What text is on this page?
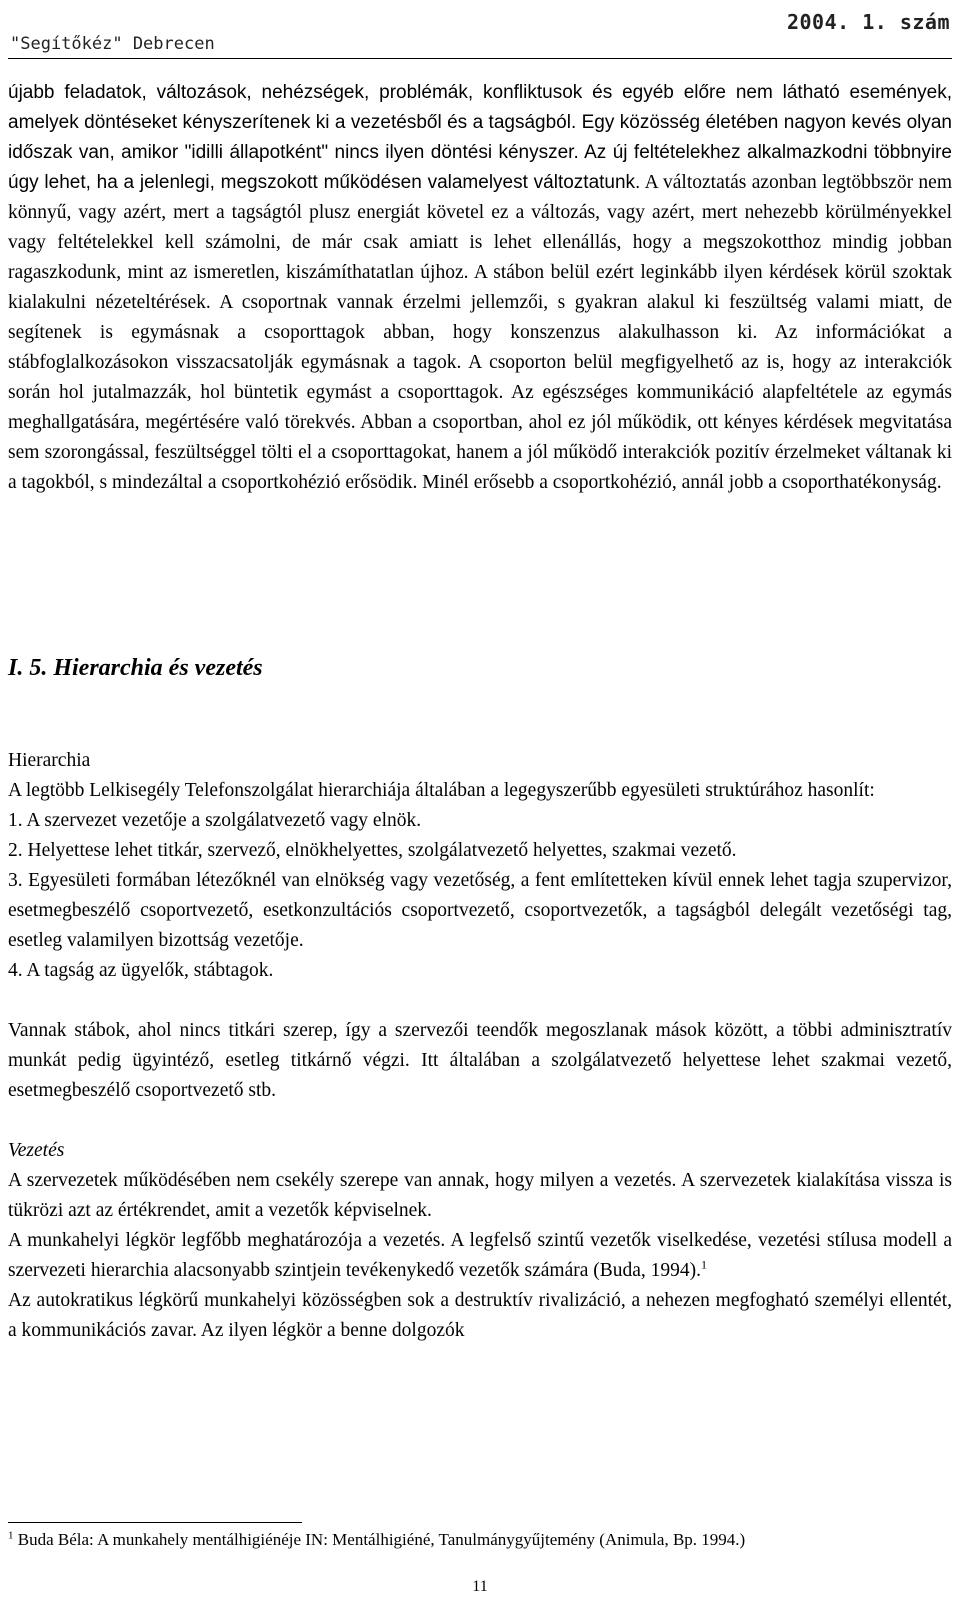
"Segítőkéz" Debrecen
2004. 1. szám

újabb feladatok, változások, nehézségek, problémák, konfliktusok és egyéb előre nem látható események, amelyek döntéseket kényszerítenek ki a vezetésből és a tagságból. Egy közösség életében nagyon kevés olyan időszak van, amikor "idilli állapotként" nincs ilyen döntési kényszer. Az új feltételekhez alkalmazkodni többnyire úgy lehet, ha a jelenlegi, megszokott működésen valamelyest változtatunk. A változtatás azonban legtöbbször nem könnyű, vagy azért, mert a tagságtól plusz energiát követel ez a változás, vagy azért, mert nehezebb körülményekkel vagy feltételekkel kell számolni, de már csak amiatt is lehet ellenállás, hogy a megszokotthoz mindig jobban ragaszkodunk, mint az ismeretlen, kiszámíthatatlan újhoz. A stábon belül ezért leginkább ilyen kérdések körül szoktak kialakulni nézeteltérések. A csoportnak vannak érzelmi jellemzői, s gyakran alakul ki feszültség valami miatt, de segítenek is egymásnak a csoporttagok abban, hogy konszenzus alakulhasson ki. Az információkat a stábfoglalkozásokon visszacsatolják egymásnak a tagok. A csoporton belül megfigyelhető az is, hogy az interakciók során hol jutalmazzák, hol büntetik egymást a csoporttagok. Az egészséges kommunikáció alapfeltétele az egymás meghallgatására, megértésére való törekvés. Abban a csoportban, ahol ez jól működik, ott kényes kérdések megvitatása sem szorongással, feszültséggel tölti el a csoporttagokat, hanem a jól működő interakciók pozitív érzelmeket váltanak ki a tagokból, s mindezáltal a csoportkohézió erősödik. Minél erősebb a csoportkohézió, annál jobb a csoporthatékonyság.

I. 5. Hierarchia és vezetés

Hierarchia

A legtöbb Lelkisegély Telefonszolgálat hierarchiája általában a legegyszerűbb egyesületi struktúrához hasonlít:

1. A szervezet vezetője a szolgálatvezető vagy elnök.

2. Helyettese lehet titkár, szervező, elnökhelyettes, szolgálatvezető helyettes, szakmai vezető.

3. Egyesületi formában létezőknél van elnökség vagy vezetőség, a fent említetteken kívül ennek lehet tagja szupervizor, esetmegbeszélő csoportvezető, esetkonzultációs csoportvezető, csoportvezetők, a tagságból delegált vezetőségi tag, esetleg valamilyen bizottság vezetője.

4. A tagság az ügyelők, stábtagok.

Vannak stábok, ahol nincs titkári szerep, így a szervezői teendők megoszlanak mások között, a többi adminisztratív munkát pedig ügyintéző, esetleg titkárnő végzi. Itt általában a szolgálatvezető helyettese lehet szakmai vezető, esetmegbeszélő csoportvezető stb.

Vezetés

A szervezetek működésében nem csekély szerepe van annak, hogy milyen a vezetés. A szervezetek kialakítása vissza is tükrözi azt az értékrendet, amit a vezetők képviselnek.

A munkahelyi légkör legfőbb meghatározója a vezetés. A legfelső szintű vezetők viselkedése, vezetési stílusa modell a szervezeti hierarchia alacsonyabb szintjein tevékenykedő vezetők számára (Buda, 1994).$^1$

Az autokratikus légkörű munkahelyi közösségben sok a destruktív rivalizáció, a nehezen megfogható személyi ellentét, a kommunikációs zavar. Az ilyen légkör a benne dolgozók

$^1$ Buda Béla: A munkahely mentálhigiénéje IN: Mentálhigiéné, Tanulmánygyűjtemény (Animula, Bp. 1994.)
11
